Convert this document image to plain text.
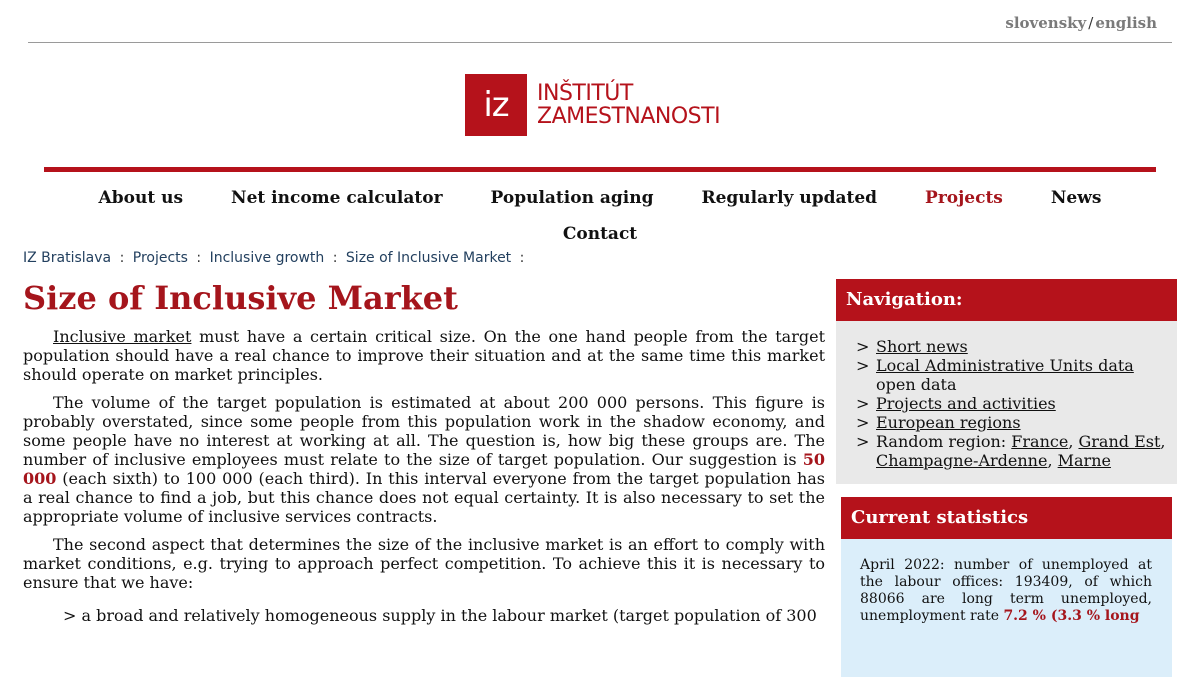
slovensky / english
iz	INŠTITÚT
ZAMESTNANOSTI
About us	Net income calculator	Population aging	Regularly updated	Projects	News
Contact
IZ Bratislava : Projects : Inclusive growth : Size of Inclusive Market :
Size of Inclusive Market

Inclusive market must have a certain critical size. On the one hand people from the target population should have a real chance to improve their situation and at the same time this market should operate on market principles.

The volume of the target population is estimated at about 200 000 persons. This figure is probably overstated, since some people from this population work in the shadow economy, and some people have no interest at working at all. The question is, how big these groups are. The number of inclusive employees must relate to the size of target population. Our suggestion is 50 000 (each sixth) to 100 000 (each third). In this interval everyone from the target population has a real chance to find a job, but this chance does not equal certainty. It is also necessary to set the appropriate volume of inclusive services contracts.

The second aspect that determines the size of the inclusive market is an effort to comply with market conditions, e.g. trying to approach perfect competition. To achieve this it is necessary to ensure that we have:

> a broad and relatively homogeneous supply in the labour market (target population of 300
Navigation:
> Short news
> Local Administrative Units data open data
> Projects and activities
> European regions
> Random region: France, Grand Est, Champagne-Ardenne, Marne
Current statistics
April 2022: number of unemployed at the labour offices: 193409, of which 88066 are long term unemployed, unemployment rate 7.2 % (3.3 % long
